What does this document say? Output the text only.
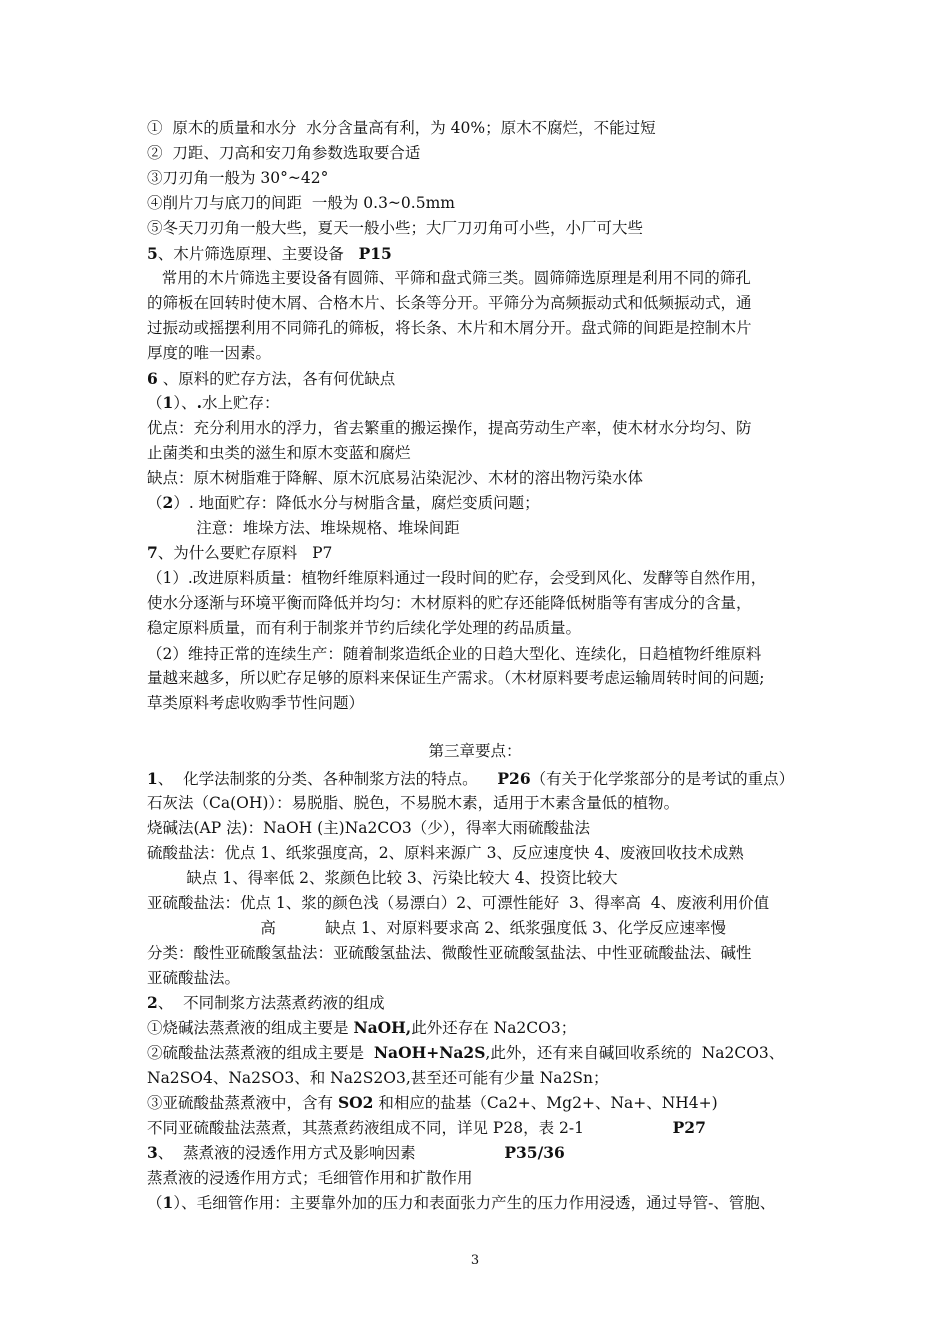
①  原木的质量和水分  水分含量高有利，为 40%；原木不腐烂，不能过短
②  刀距、刀高和安刀角参数选取要合适
③刀刃角一般为 30°~42°
④削片刀与底刀的间距  一般为 0.3~0.5mm
⑤冬天刀刃角一般大些，夏天一般小些；大厂刀刃角可小些，小厂可大些
5、木片筛选原理、主要设备   P15
常用的木片筛选主要设备有圆筛、平筛和盘式筛三类。圆筛筛选原理是利用不同的筛孔
的筛板在回转时使木屑、合格木片、长条等分开。平筛分为高频振动式和低频振动式，通
过振动或摇摆利用不同筛孔的筛板，将长条、木片和木屑分开。盘式筛的间距是控制木片
厚度的唯一因素。
6 、原料的贮存方法，各有何优缺点
（1）、.水上贮存：
优点：充分利用水的浮力，省去繁重的搬运操作，提高劳动生产率，使木材水分均匀、防
止菌类和虫类的滋生和原木变蓝和腐烂
缺点：原木树脂难于降解、原木沉底易沾染泥沙、木材的溶出物污染水体
（2）. 地面贮存：降低水分与树脂含量，腐烂变质问题；
注意：堆垛方法、堆垛规格、堆垛间距
7、为什么要贮存原料   P7
（1）.改进原料质量：植物纤维原料通过一段时间的贮存，会受到风化、发酵等自然作用，
使水分逐渐与环境平衡而降低并均匀：木材原料的贮存还能降低树脂等有害成分的含量，
稳定原料质量，而有利于制浆并节约后续化学处理的药品质量。
（2）维持正常的连续生产：随着制浆造纸企业的日趋大型化、连续化，日趋植物纤维原料
量越来越多，所以贮存足够的原料来保证生产需求。（木材原料要考虑运输周转时间的问题;
草类原料考虑收购季节性问题）
1、  化学法制浆的分类、各种制浆方法的特点。    P26（有关于化学浆部分的是考试的重点）
石灰法（Ca(OH)）：易脱脂、脱色，不易脱木素，适用于木素含量低的植物。
烧碱法(AP 法)：NaOH (主)Na2CO3（少），得率大雨硫酸盐法
硫酸盐法：优点 1、纸浆强度高，2、原料来源广 3、反应速度快 4、废液回收技术成熟
缺点 1、得率低 2、浆颜色比较 3、污染比较大 4、投资比较大
亚硫酸盐法：优点 1、浆的颜色浅（易漂白）2、可漂性能好  3、得率高  4、废液利用价值
高          缺点 1、对原料要求高 2、纸浆强度低 3、化学反应速率慢
分类：酸性亚硫酸氢盐法：亚硫酸氢盐法、微酸性亚硫酸氢盐法、中性亚硫酸盐法、碱性
亚硫酸盐法。
2、  不同制浆方法蒸煮药液的组成
①烧碱法蒸煮液的组成主要是 NaOH,此外还存在 Na2CO3；
②硫酸盐法蒸煮液的组成主要是  NaOH+Na2S,此外，还有来自碱回收系统的  Na2CO3、
Na2SO4、Na2SO3、和 Na2S2O3,甚至还可能有少量 Na2Sn；
③亚硫酸盐蒸煮液中，含有 SO2 和相应的盐基（Ca2+、Mg2+、Na+、NH4+)
不同亚硫酸盐法蒸煮，其蒸煮药液组成不同，详见 P28，表 2-1                  P27
3、  蒸煮液的浸透作用方式及影响因素                  P35/36
蒸煮液的浸透作用方式；毛细管作用和扩散作用
（1）、毛细管作用：主要靠外加的压力和表面张力产生的压力作用浸透，通过导管-、管胞、
第三章要点：
3
